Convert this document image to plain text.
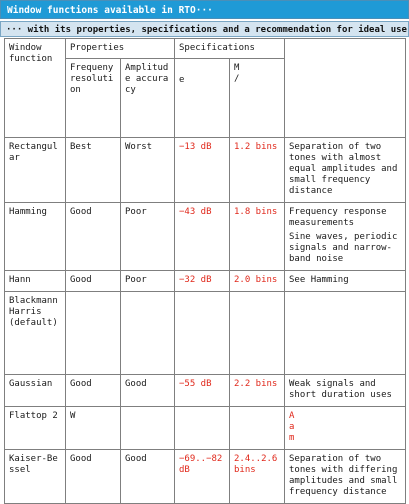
Window functions available in RTO···
··· with its properties, specifications and a recommendation for ideal use
Window function	Properties		Specifications		
	Frequeny resolution	Amplitude accuracy	e	M /	

Rectangular	Best	Worst	−13 dB	1.2 bins	Separation of two tones with almost equal amplitudes and small frequency distance

Hamming	Good	Poor	−43 dB	1.8 bins	Frequency response measurements
Sine waves, periodic signals and narrow-band noise

Hann	Good	Poor	−32 dB	2.0 bins	See Hamming

Blackmann Harris (default)					

Gaussian	Good	Good	−55 dB	2.2 bins	Weak signals and short duration uses

Flattop 2	W				A
a
m

Kaiser-Bessel	Good	Good	−69..−82 dB	2.4..2.6 bins	Separation of two tones with differing amplitudes and small frequency distance
